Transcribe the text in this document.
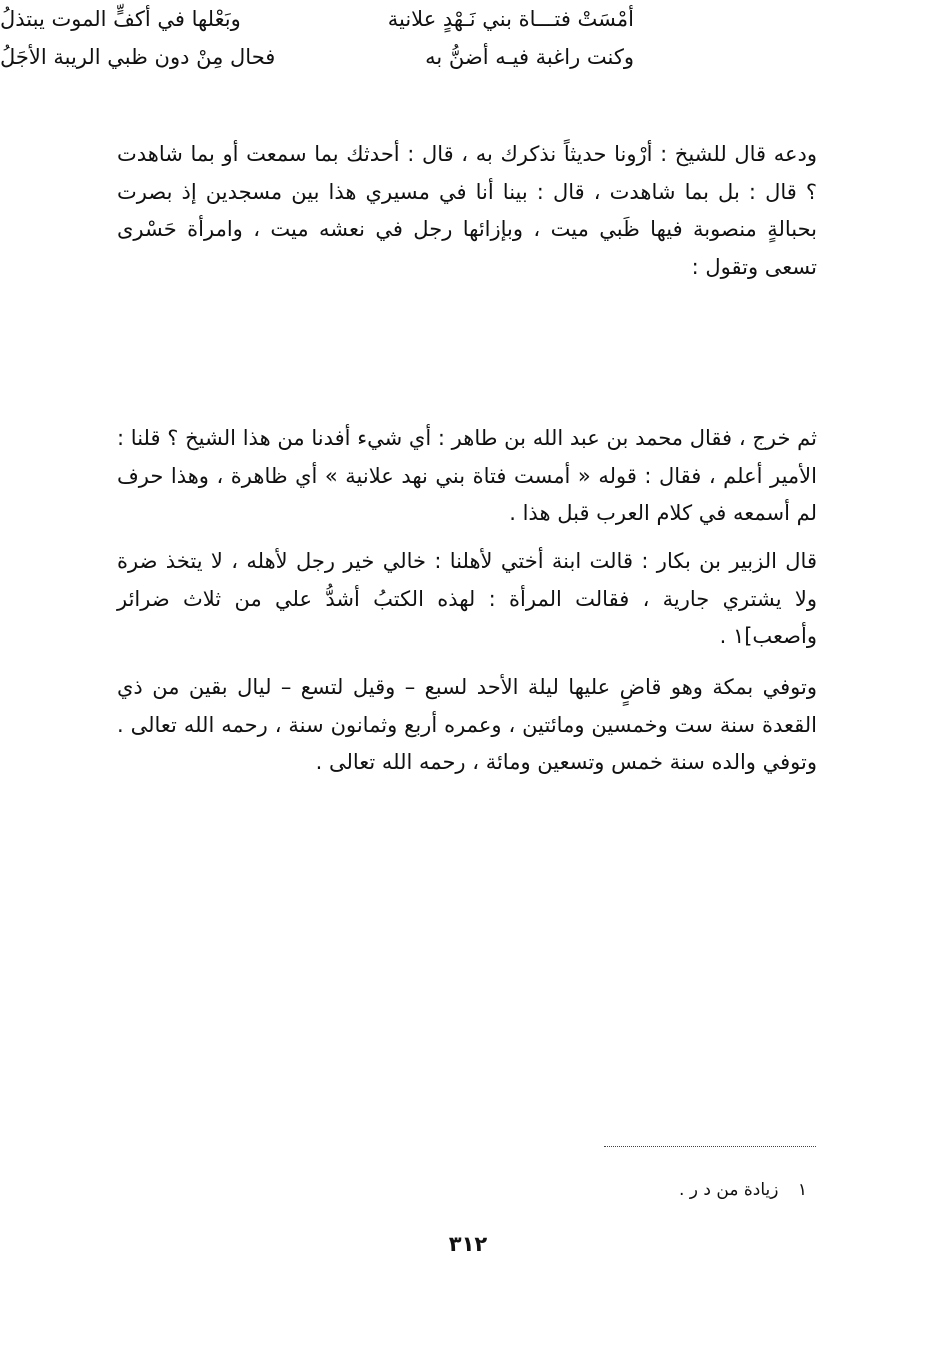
ودعه قال للشيخ : أرْونا حديثاً نذكرك به ، قال : أحدثك بما سمعت أو بما شاهدت ؟ قال : بل بما شاهدت ، قال : بينا أنا في مسيري هذا بين مسجدين إذ بصرت بحبالةٍ منصوبة فيها ظَبي ميت ، وبإزائها رجل في نعشه ميت ، وامرأة حَسْرى تسعى وتقول :

أمْسَتْ فتـــاة بني نَـهْدٍ علانية
وبَعْلها في أكفٍّ الموت يبتذلُ
وكنت راغبة فيـه أضنُّ به
فحال مِنْ دون ظبي الريبة الأجَلُ

ثم خرج ، فقال محمد بن عبد الله بن طاهر : أي شيء أفدنا من هذا الشيخ ؟ قلنا : الأمير أعلم ، فقال : قوله « أمست فتاة بني نهد علانية » أي ظاهرة ، وهذا حرف لم أسمعه في كلام العرب قبل هذا .

قال الزبير بن بكار : قالت ابنة أختي لأهلنا : خالي خير رجل لأهله ، لا يتخذ ضرة ولا يشتري جارية ، فقالت المرأة : لهذه الكتبُ أشدُّ علي من ثلاث ضرائر وأصعب]١ .

وتوفي بمكة وهو قاضٍ عليها ليلة الأحد لسبع – وقيل لتسع – ليال بقين من ذي القعدة سنة ست وخمسين ومائتين ، وعمره أربع وثمانون سنة ، رحمه الله تعالى . وتوفي والده سنة خمس وتسعين ومائة ، رحمه الله تعالى .

١ زيادة من د ر .
٣١٢
